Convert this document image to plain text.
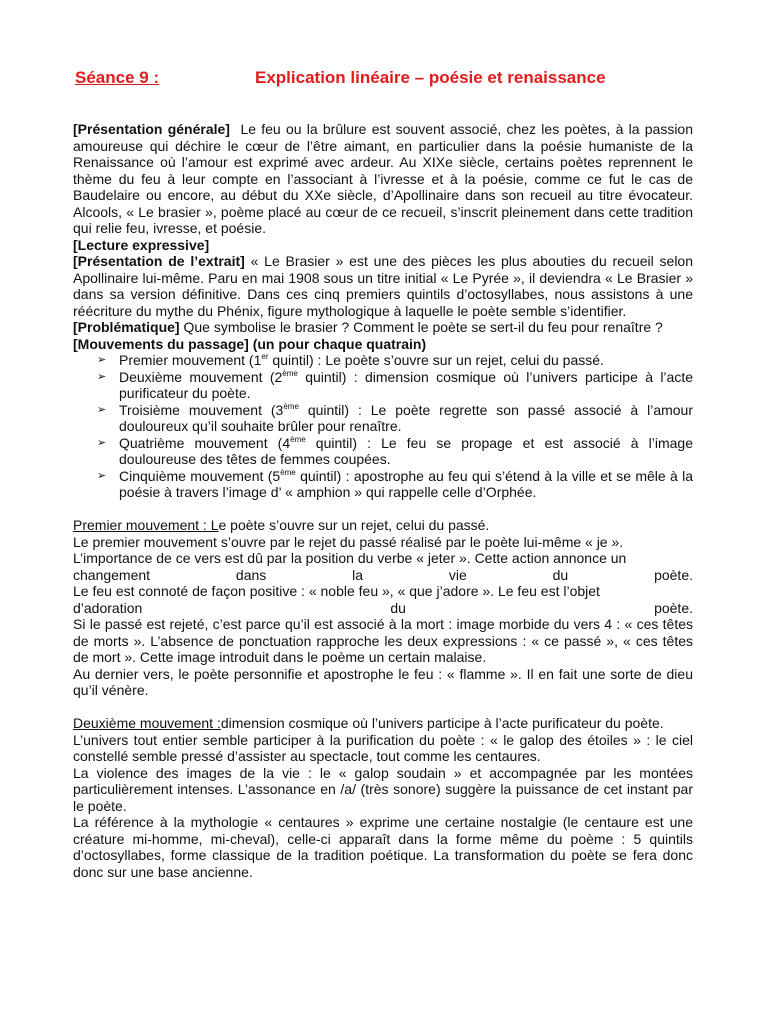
Séance 9 :	Explication linéaire – poésie et renaissance

[Présentation générale] Le feu ou la brûlure est souvent associé, chez les poètes, à la passion amoureuse qui déchire le cœur de l’être aimant, en particulier dans la poésie humaniste de la Renaissance où l’amour est exprimé avec ardeur. Au XIXe siècle, certains poètes reprennent le thème du feu à leur compte en l’associant à l’ivresse et à la poésie, comme ce fut le cas de Baudelaire ou encore, au début du XXe siècle, d’Apollinaire dans son recueil au titre évocateur. Alcools, « Le brasier », poème placé au cœur de ce recueil, s’inscrit pleinement dans cette tradition qui relie feu, ivresse, et poésie.

[Lecture expressive]

[Présentation de l’extrait] « Le Brasier » est une des pièces les plus abouties du recueil selon Apollinaire lui-même. Paru en mai 1908 sous un titre initial « Le Pyrée », il deviendra « Le Brasier » dans sa version définitive. Dans ces cinq premiers quintils d’octosyllabes, nous assistons à une réécriture du mythe du Phénix, figure mythologique à laquelle le poète semble s’identifier.

[Problématique] Que symbolise le brasier ? Comment le poète se sert-il du feu pour renaître ?

[Mouvements du passage] (un pour chaque quatrain)

➢ Premier mouvement (1er quintil) : Le poète s’ouvre sur un rejet, celui du passé.
➢ Deuxième mouvement (2ème quintil) : dimension cosmique où l’univers participe à l’acte purificateur du poète.
➢ Troisième mouvement (3ème quintil) : Le poète regrette son passé associé à l’amour douloureux qu’il souhaite brûler pour renaître.
➢ Quatrième mouvement (4ème quintil) : Le feu se propage et est associé à l’image douloureuse des têtes de femmes coupées.
➢ Cinquième mouvement (5ème quintil) : apostrophe au feu qui s’étend à la ville et se mêle à la poésie à travers l’image d’ « amphion » qui rappelle celle d’Orphée.

Premier mouvement : Le poète s’ouvre sur un rejet, celui du passé.

Le premier mouvement s’ouvre par le rejet du passé réalisé par le poète lui-même « je ».

L’importance de ce vers est dû par la position du verbe « jeter ». Cette action annonce un

changement dans la vie du poète.

Le feu est connoté de façon positive : « noble feu », « que j’adore ». Le feu est l’objet

d’adoration du poète.

Si le passé est rejeté, c’est parce qu’il est associé à la mort : image morbide du vers 4 : « ces têtes de morts ». L’absence de ponctuation rapproche les deux expressions : « ce passé », « ces têtes de mort ». Cette image introduit dans le poème un certain malaise.

Au dernier vers, le poète personnifie et apostrophe le feu : « flamme ». Il en fait une sorte de dieu qu’il vénère.

Deuxième mouvement :dimension cosmique où l’univers participe à l’acte purificateur du poète.

L’univers tout entier semble participer à la purification du poète : « le galop des étoiles » : le ciel constellé semble pressé d’assister au spectacle, tout comme les centaures.

La violence des images de la vie : le « galop soudain » et accompagnée par les montées particulièrement intenses. L’assonance en /a/ (très sonore) suggère la puissance de cet instant par le poète.

La référence à la mythologie « centaures » exprime une certaine nostalgie (le centaure est une créature mi-homme, mi-cheval), celle-ci apparaît dans la forme même du poème : 5 quintils d’octosyllabes, forme classique de la tradition poétique. La transformation du poète se fera donc donc sur une base ancienne.
